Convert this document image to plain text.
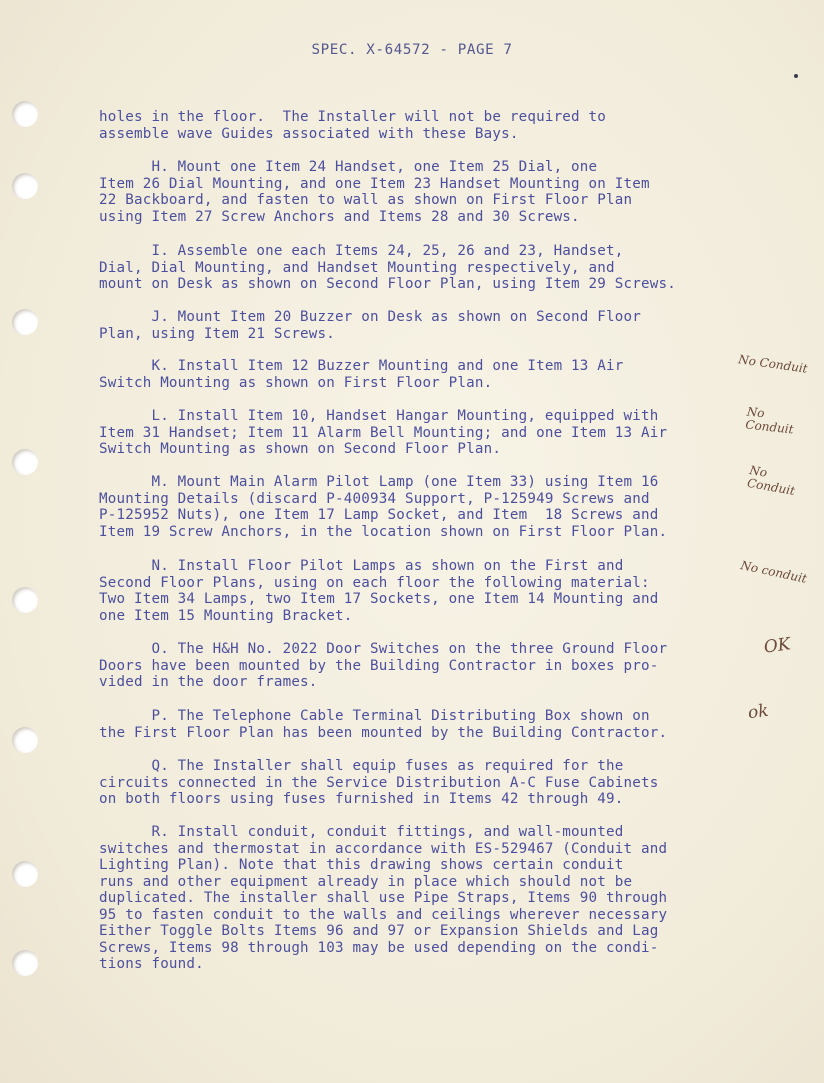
SPEC. X-64572 - PAGE 7
holes in the floor.  The Installer will not be required to
assemble wave Guides associated with these Bays.
H. Mount one Item 24 Handset, one Item 25 Dial, one
Item 26 Dial Mounting, and one Item 23 Handset Mounting on Item
22 Backboard, and fasten to wall as shown on First Floor Plan
using Item 27 Screw Anchors and Items 28 and 30 Screws.
I. Assemble one each Items 24, 25, 26 and 23, Handset,
Dial, Dial Mounting, and Handset Mounting respectively, and
mount on Desk as shown on Second Floor Plan, using Item 29 Screws.
J. Mount Item 20 Buzzer on Desk as shown on Second Floor
Plan, using Item 21 Screws.
K. Install Item 12 Buzzer Mounting and one Item 13 Air
Switch Mounting as shown on First Floor Plan.
L. Install Item 10, Handset Hangar Mounting, equipped with
Item 31 Handset; Item 11 Alarm Bell Mounting; and one Item 13 Air
Switch Mounting as shown on Second Floor Plan.
M. Mount Main Alarm Pilot Lamp (one Item 33) using Item 16
Mounting Details (discard P-400934 Support, P-125949 Screws and
P-125952 Nuts), one Item 17 Lamp Socket, and Item  18 Screws and
Item 19 Screw Anchors, in the location shown on First Floor Plan.
N. Install Floor Pilot Lamps as shown on the First and
Second Floor Plans, using on each floor the following material:
Two Item 34 Lamps, two Item 17 Sockets, one Item 14 Mounting and
one Item 15 Mounting Bracket.
O. The H&H No. 2022 Door Switches on the three Ground Floor
Doors have been mounted by the Building Contractor in boxes pro-
vided in the door frames.
P. The Telephone Cable Terminal Distributing Box shown on
the First Floor Plan has been mounted by the Building Contractor.
Q. The Installer shall equip fuses as required for the
circuits connected in the Service Distribution A-C Fuse Cabinets
on both floors using fuses furnished in Items 42 through 49.
R. Install conduit, conduit fittings, and wall-mounted
switches and thermostat in accordance with ES-529467 (Conduit and
Lighting Plan). Note that this drawing shows certain conduit
runs and other equipment already in place which should not be
duplicated. The installer shall use Pipe Straps, Items 90 through
95 to fasten conduit to the walls and ceilings wherever necessary
Either Toggle Bolts Items 96 and 97 or Expansion Shields and Lag
Screws, Items 98 through 103 may be used depending on the condi-
tions found.
No Conduit
No
Conduit
No
Conduit
No conduit
OK
ok
